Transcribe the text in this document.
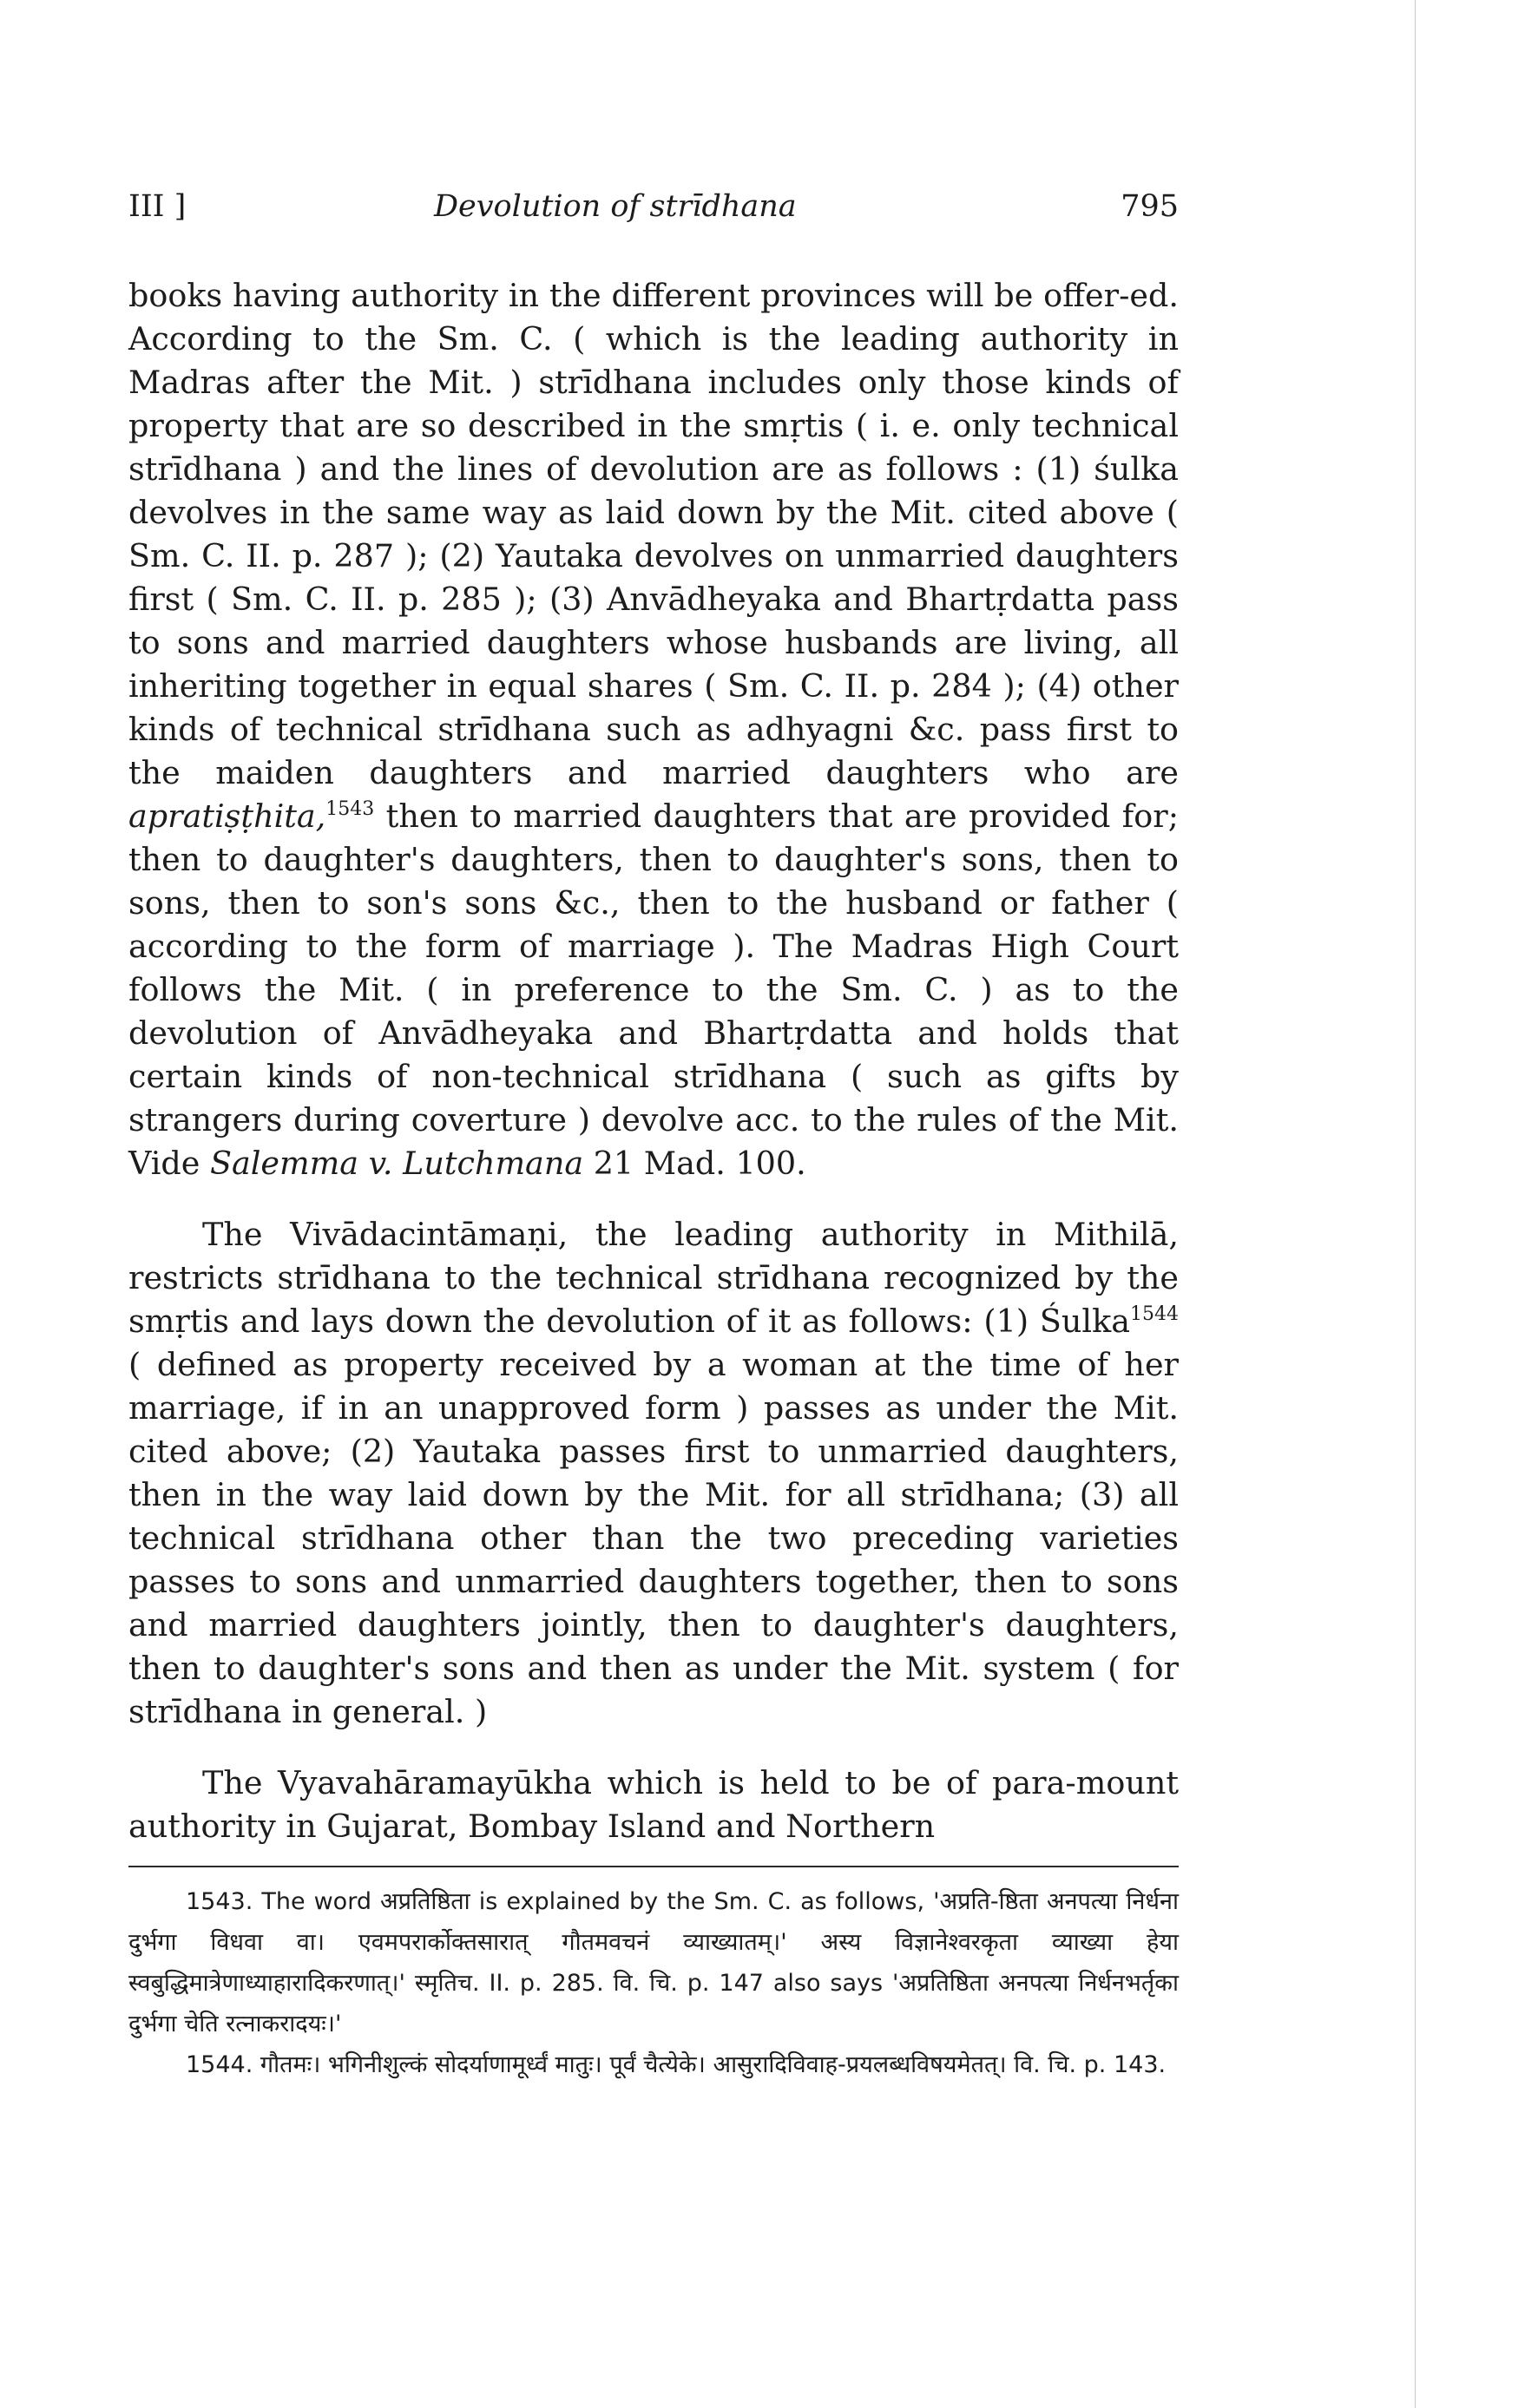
III ]	Devolution of strīdhana	795

books having authority in the different provinces will be offer-ed. According to the Sm. C. ( which is the leading authority in Madras after the Mit. ) strīdhana includes only those kinds of property that are so described in the smṛtis ( i. e. only technical strīdhana ) and the lines of devolution are as follows : (1) śulka devolves in the same way as laid down by the Mit. cited above ( Sm. C. II. p. 287 ); (2) Yautaka devolves on unmarried daughters first ( Sm. C. II. p. 285 ); (3) Anvādheyaka and Bhartṛdatta pass to sons and married daughters whose husbands are living, all inheriting together in equal shares ( Sm. C. II. p. 284 ); (4) other kinds of technical strīdhana such as adhyagni &c. pass first to the maiden daughters and married daughters who are apratiṣṭhita,$^{1543}$ then to married daughters that are provided for; then to daughter's daughters, then to daughter's sons, then to sons, then to son's sons &c., then to the husband or father ( according to the form of marriage ). The Madras High Court follows the Mit. ( in preference to the Sm. C. ) as to the devolution of Anvādheyaka and Bhartṛdatta and holds that certain kinds of non-technical strīdhana ( such as gifts by strangers during coverture ) devolve acc. to the rules of the Mit. Vide Salemma v. Lutchmana 21 Mad. 100.

The Vivādacintāmaṇi, the leading authority in Mithilā, restricts strīdhana to the technical strīdhana recognized by the smṛtis and lays down the devolution of it as follows: (1) Śulka$^{1544}$ ( defined as property received by a woman at the time of her marriage, if in an unapproved form ) passes as under the Mit. cited above; (2) Yautaka passes first to unmarried daughters, then in the way laid down by the Mit. for all strīdhana; (3) all technical strīdhana other than the two preceding varieties passes to sons and unmarried daughters together, then to sons and married daughters jointly, then to daughter's daughters, then to daughter's sons and then as under the Mit. system ( for strīdhana in general. )

The Vyavahāramayūkha which is held to be of para-mount authority in Gujarat, Bombay Island and Northern

1543. The word अप्रतिष्ठिता is explained by the Sm. C. as follows, 'अप्रति-ष्ठिता अनपत्या निर्धना दुर्भगा विधवा वा। एवमपरार्कोक्तसारात् गौतमवचनं व्याख्यातम्।' अस्य विज्ञानेश्वरकृता व्याख्या हेया स्वबुद्धिमात्रेणाध्याहारादिकरणात्।' स्मृतिच. II. p. 285. वि. चि. p. 147 also says 'अप्रतिष्ठिता अनपत्या निर्धनभर्तृका दुर्भगा चेति रत्नाकरादयः।'

1544. गौतमः। भगिनीशुल्कं सोदर्याणामूर्ध्वं मातुः। पूर्वं चैत्येके। आसुरादिविवाह-प्रयलब्धविषयमेतत्। वि. चि. p. 143.
